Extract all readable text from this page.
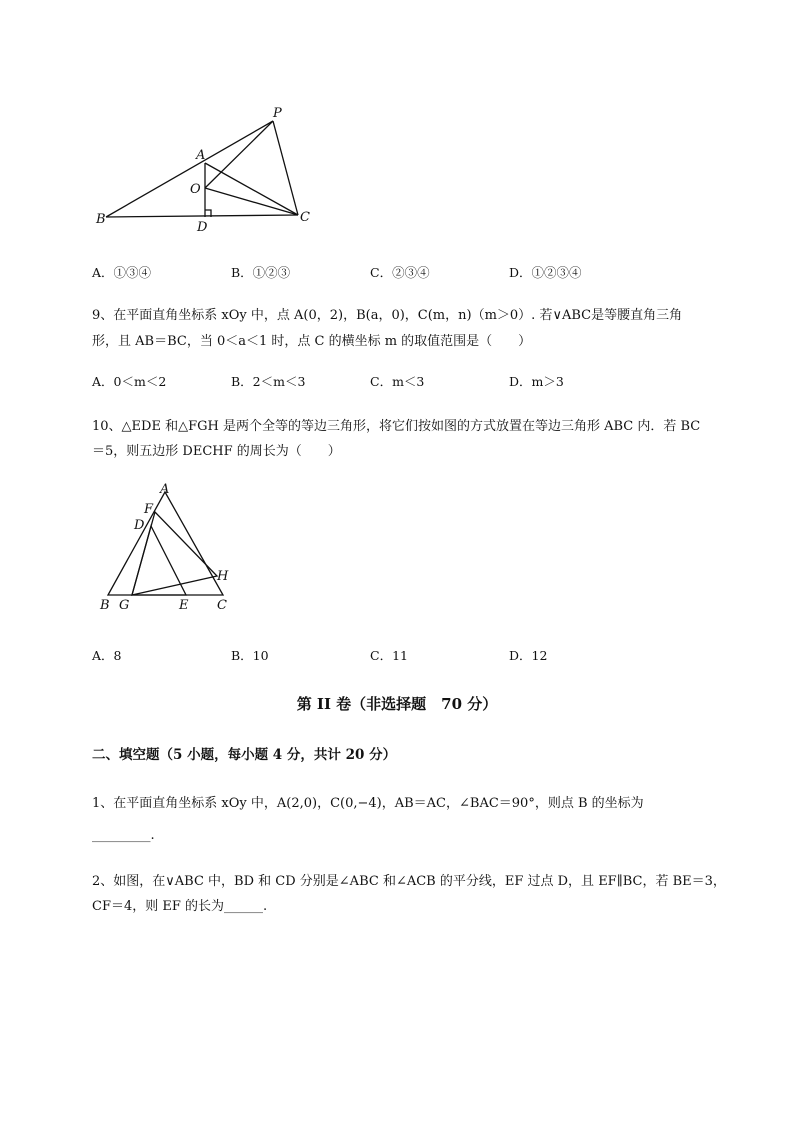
P
A
O
B
D
C
A．①③④	B．①②③	C．②③④	D．①②③④
9、在平面直角坐标系 xOy 中，点 A(0，2)，B(a，0)，C(m，n)（m＞0）. 若∨ABC是等腰直角三角
形，且 AB＝BC，当 0＜a＜1 时，点 C 的横坐标 m 的取值范围是（　　）
A．0＜m＜2	B．2＜m＜3	C．m＜3	D．m＞3
10、△EDE 和△FGH 是两个全等的等边三角形，将它们按如图的方式放置在等边三角形 ABC 内．若 BC
＝5，则五边形 DECHF 的周长为（　　）
A
F
D
H
B G	E C
A．8	B．10	C．11	D．12
第 II 卷（非选择题　70 分）
二、填空题（5 小题，每小题 4 分，共计 20 分）
1、在平面直角坐标系 xOy 中，A(2,0)，C(0,−4)，AB＝AC，∠BAC＝90°，则点 B 的坐标为
_________.
2、如图，在∨ABC 中，BD 和 CD 分别是∠ABC 和∠ACB 的平分线，EF 过点 D，且 EF∥BC，若 BE＝3，
CF＝4，则 EF 的长为______.
